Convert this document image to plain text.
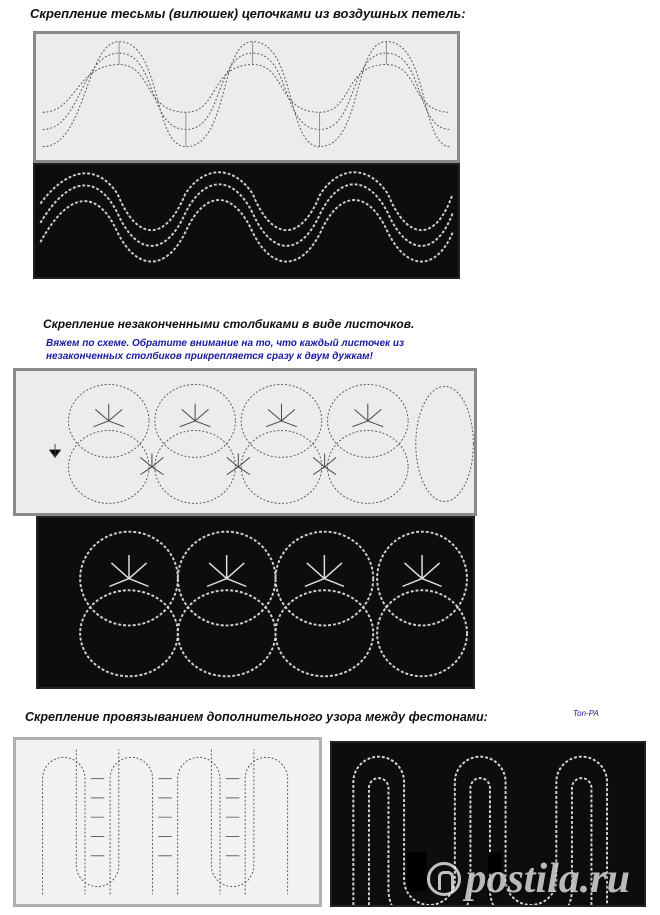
Скрепление тесьмы (вилюшек) цепочками из воздушных петель:
Скрепление незаконченными столбиками в виде листочков.
Вяжем по схеме. Обратите внимание на то, что каждый листочек из
незаконченных столбиков прикрепляется сразу к двум дужкам!
Скрепление провязыванием дополнительного узора между фестонами:	Ton-PA
postila.ru
